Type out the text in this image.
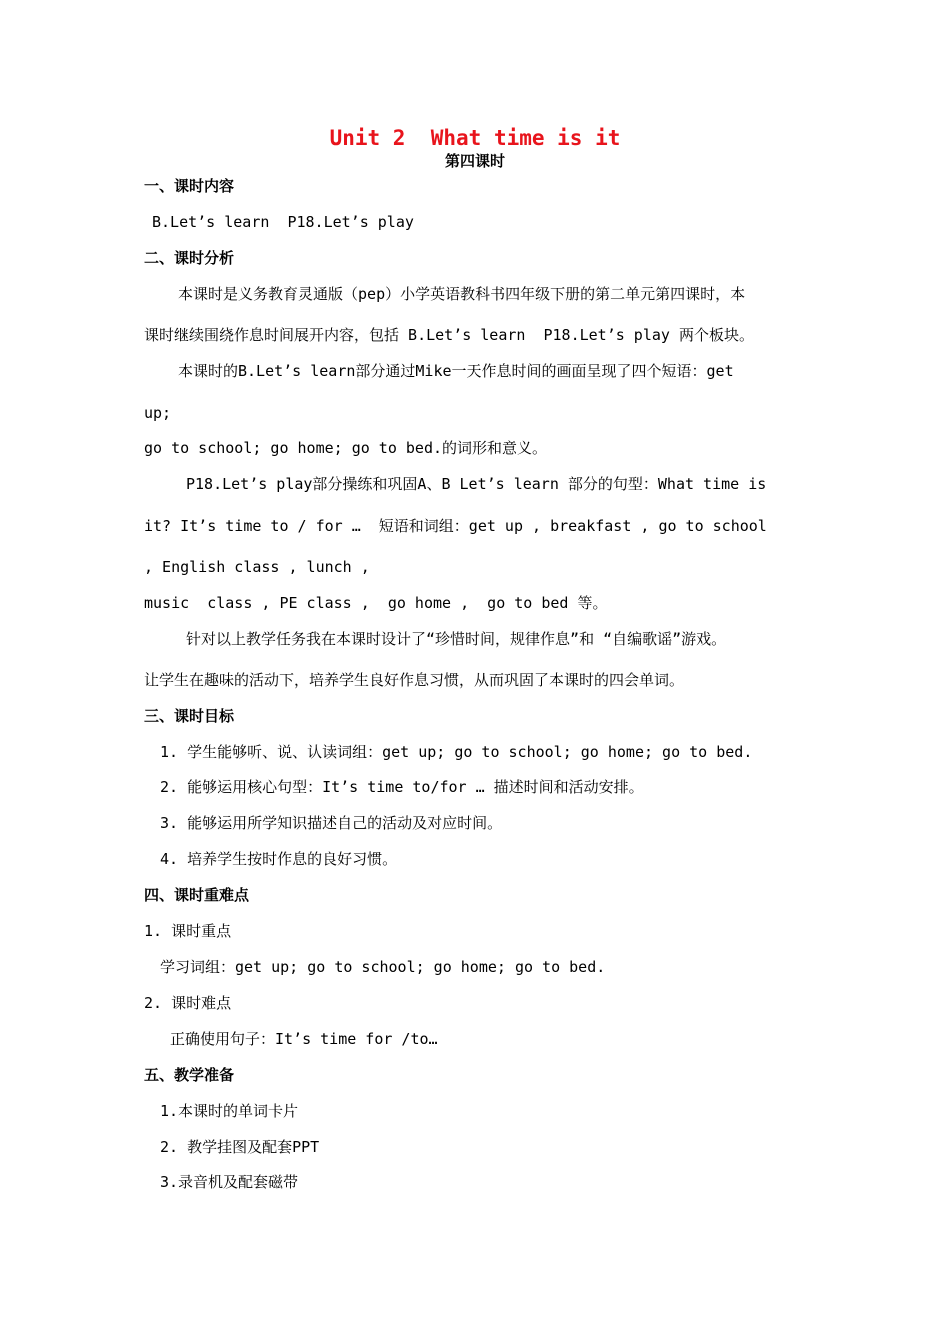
Unit 2  What time is it
第四课时
一、课时内容
B.Let’s learn  P18.Let’s play
二、课时分析
本课时是义务教育灵通版（pep）小学英语教科书四年级下册的第二单元第四课时，本
课时继续围绕作息时间展开内容，包括 B.Let’s learn  P18.Let’s play 两个板块。
本课时的B.Let’s learn部分通过Mike一天作息时间的画面呈现了四个短语：get
up;
go to school; go home; go to bed.的词形和意义。
P18.Let’s play部分操练和巩固A、B Let’s learn 部分的句型：What time is
it? It’s time to / for …  短语和词组：get up , breakfast , go to school
, English class , lunch ,
music  class , PE class ,  go home ,  go to bed 等。
针对以上教学任务我在本课时设计了“珍惜时间，规律作息”和 “自编歌谣”游戏。
让学生在趣味的活动下，培养学生良好作息习惯，从而巩固了本课时的四会单词。
三、课时目标
1. 学生能够听、说、认读词组：get up; go to school; go home; go to bed.
2. 能够运用核心句型：It’s time to/for … 描述时间和活动安排。
3. 能够运用所学知识描述自己的活动及对应时间。
4. 培养学生按时作息的良好习惯。
四、课时重难点
1. 课时重点
学习词组：get up; go to school; go home; go to bed.
2. 课时难点
正确使用句子：It’s time for /to…
五、教学准备
1.本课时的单词卡片
2. 教学挂图及配套PPT
3.录音机及配套磁带
